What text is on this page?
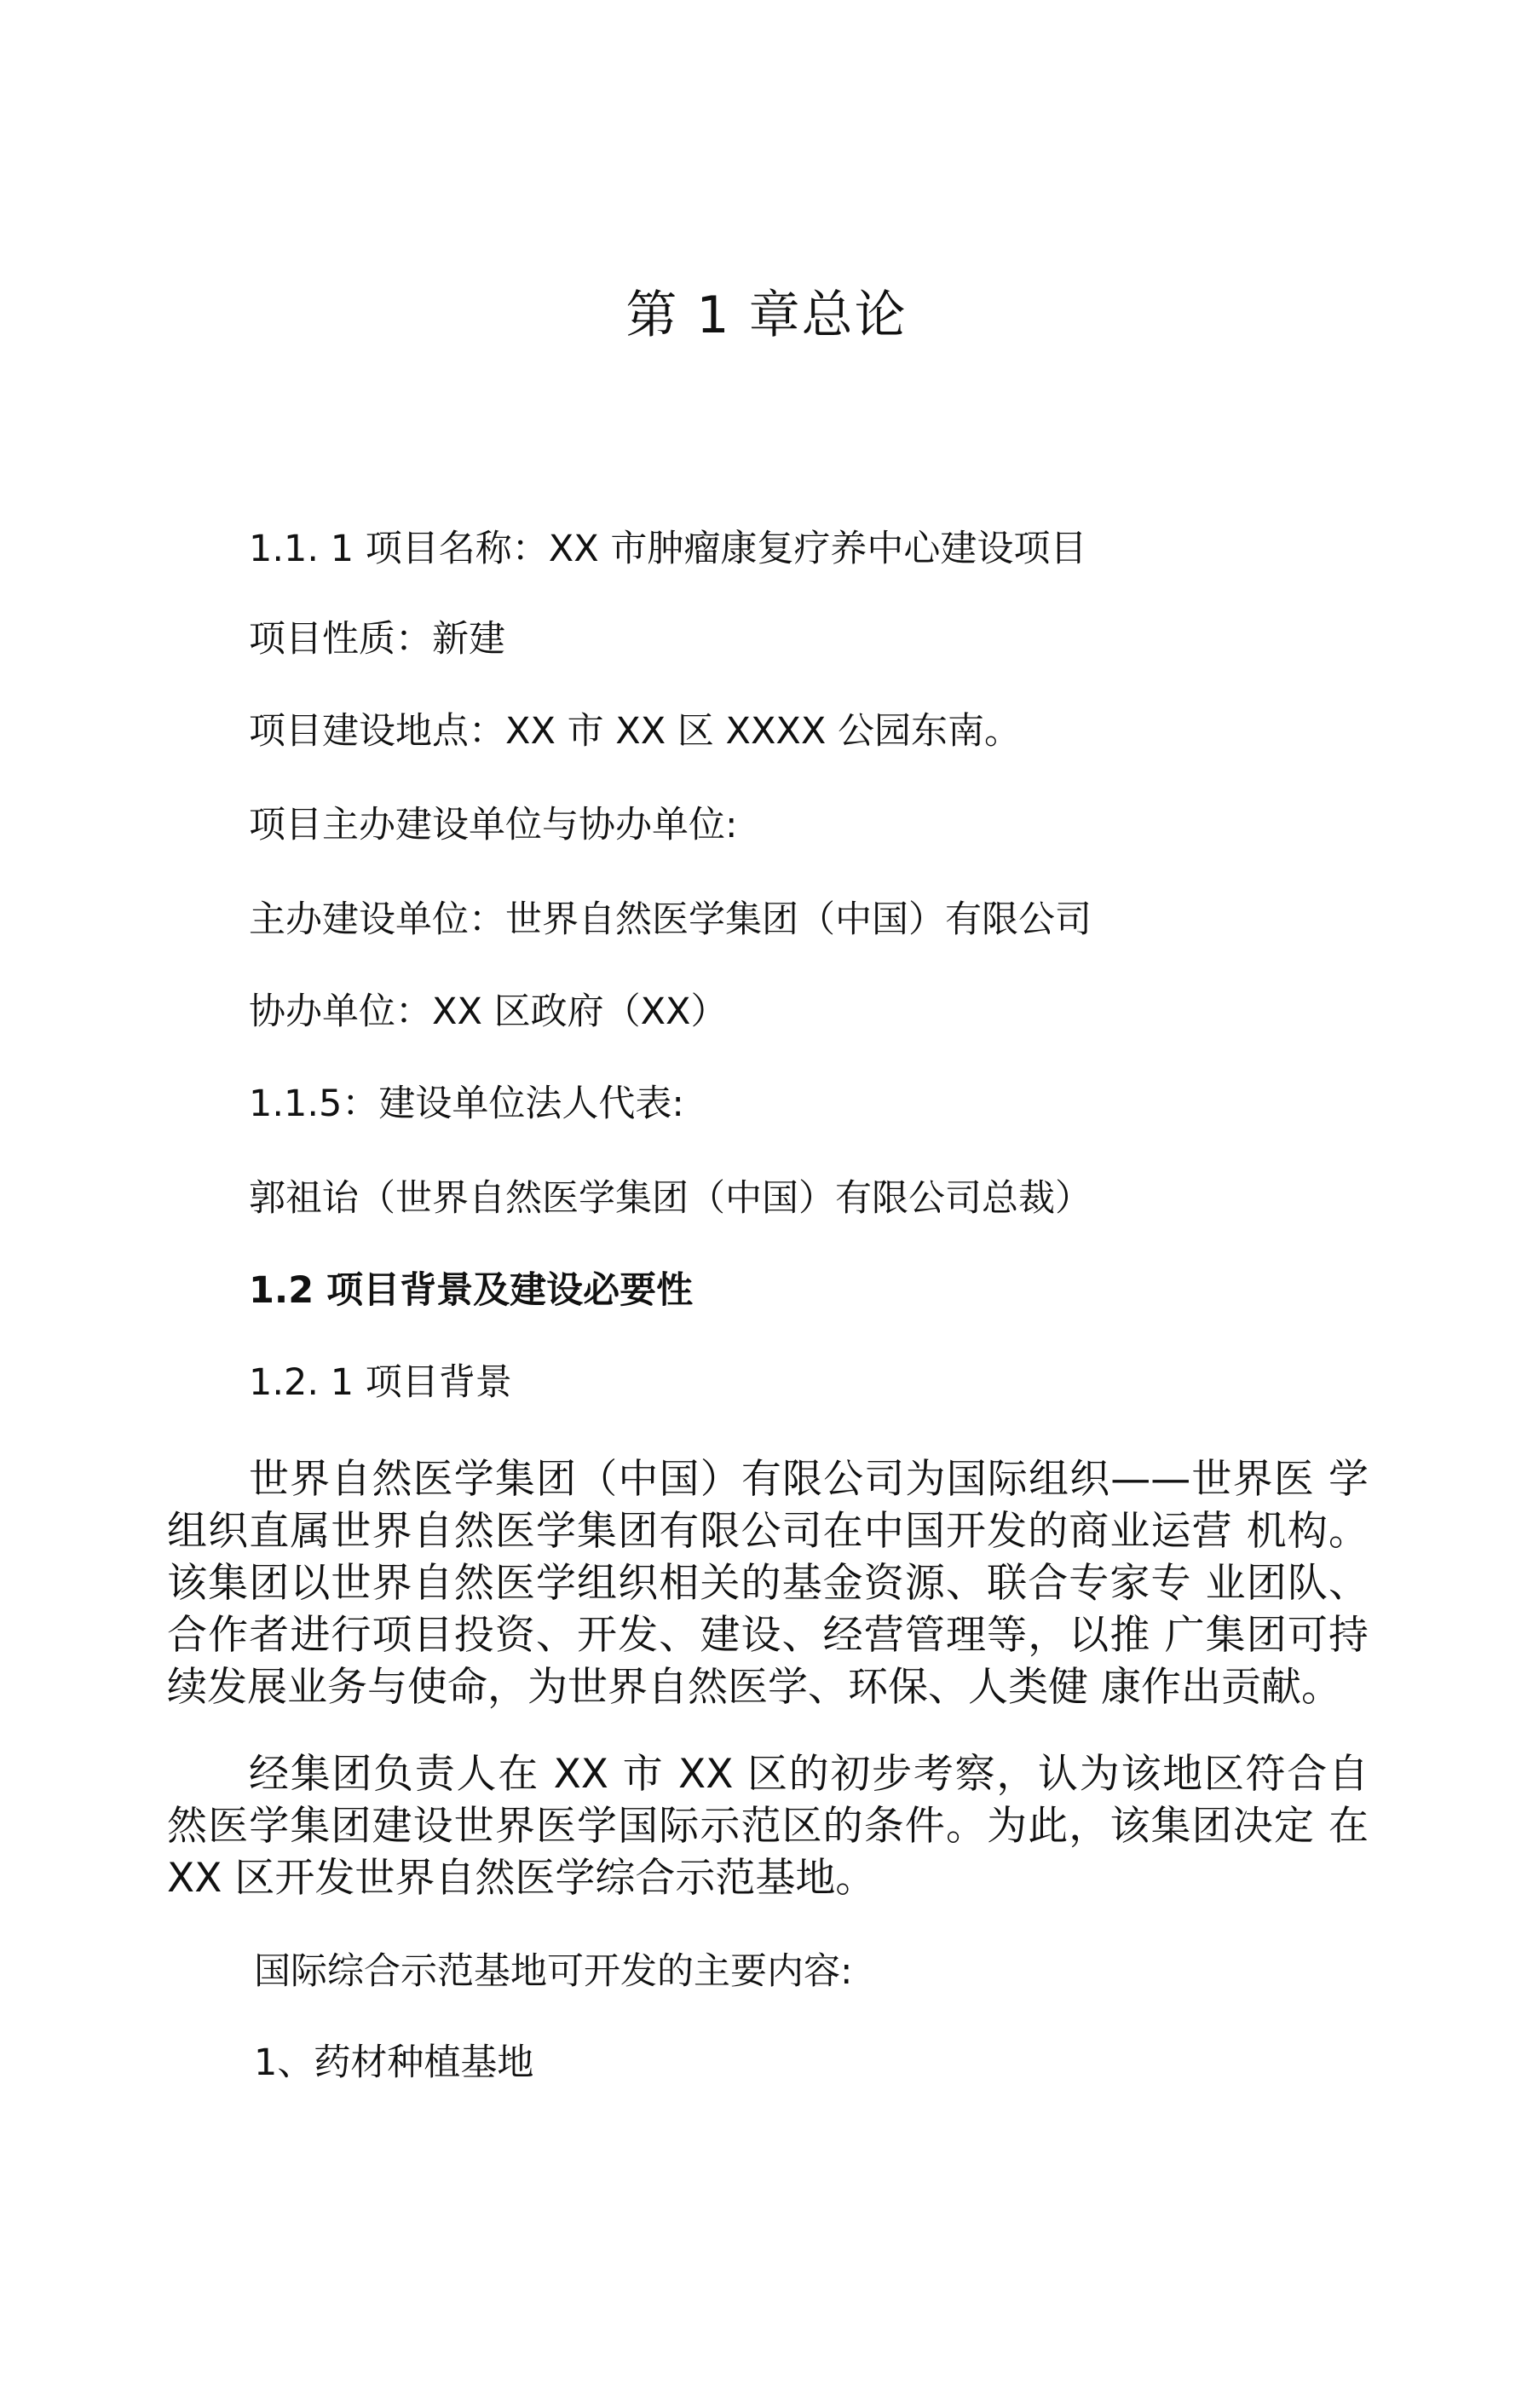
第 1 章总论
1.1. 1 项目名称：XX 市肿瘤康复疗养中心建设项目
项目性质：新建
项目建设地点：XX 市 XX 区 XXXX 公园东南。
项目主办建设单位与协办单位:
主办建设单位：世界自然医学集团（中国）有限公司
协办单位：XX 区政府（XX）
1.1.5：建设单位法人代表:
郭祖诒（世界自然医学集团（中国）有限公司总裁）
1.2 项目背景及建设必要性
1.2. 1 项目背景
世界自然医学集团（中国）有限公司为国际组织——世界医 学组织直属世界自然医学集团有限公司在中国开发的商业运营 机构。该集团以世界自然医学组织相关的基金资源、联合专家专 业团队、合作者进行项目投资、开发、建设、经营管理等，以推 广集团可持续发展业务与使命，为世界自然医学、环保、人类健 康作出贡献。
经集团负责人在 XX 市 XX 区的初步考察，认为该地区符合自 然医学集团建设世界医学国际示范区的条件。为此，该集团决定 在 XX 区开发世界自然医学综合示范基地。
国际综合示范基地可开发的主要内容:
1、药材种植基地
